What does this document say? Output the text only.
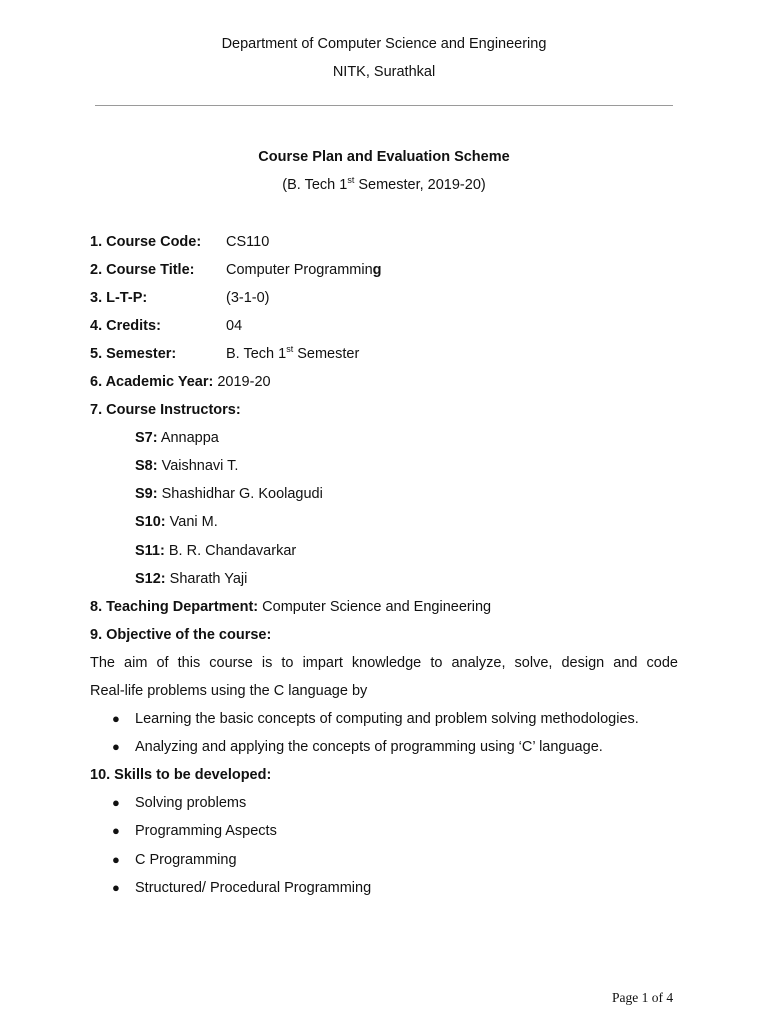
Department of Computer Science and Engineering
NITK, Surathkal
Course Plan and Evaluation Scheme
(B. Tech 1st Semester, 2019-20)
1. Course Code: CS110
2. Course Title: Computer Programming
3. L-T-P:	(3-1-0)
4. Credits:	04
5. Semester:	B. Tech 1st Semester
6. Academic Year: 2019-20
7. Course Instructors:
S7: Annappa
S8: Vaishnavi T.
S9: Shashidhar G. Koolagudi
S10: Vani M.
S11: B. R. Chandavarkar
S12: Sharath Yaji
8. Teaching Department: Computer Science and Engineering
9. Objective of the course:
The aim of this course is to impart knowledge to analyze, solve, design and code
Real-life problems using the C language by
● Learning the basic concepts of computing and problem solving methodologies.
● Analyzing and applying the concepts of programming using ‘C’ language.
10. Skills to be developed:
● Solving problems
● Programming Aspects
● C Programming
● Structured/ Procedural Programming
Page 1 of 4
